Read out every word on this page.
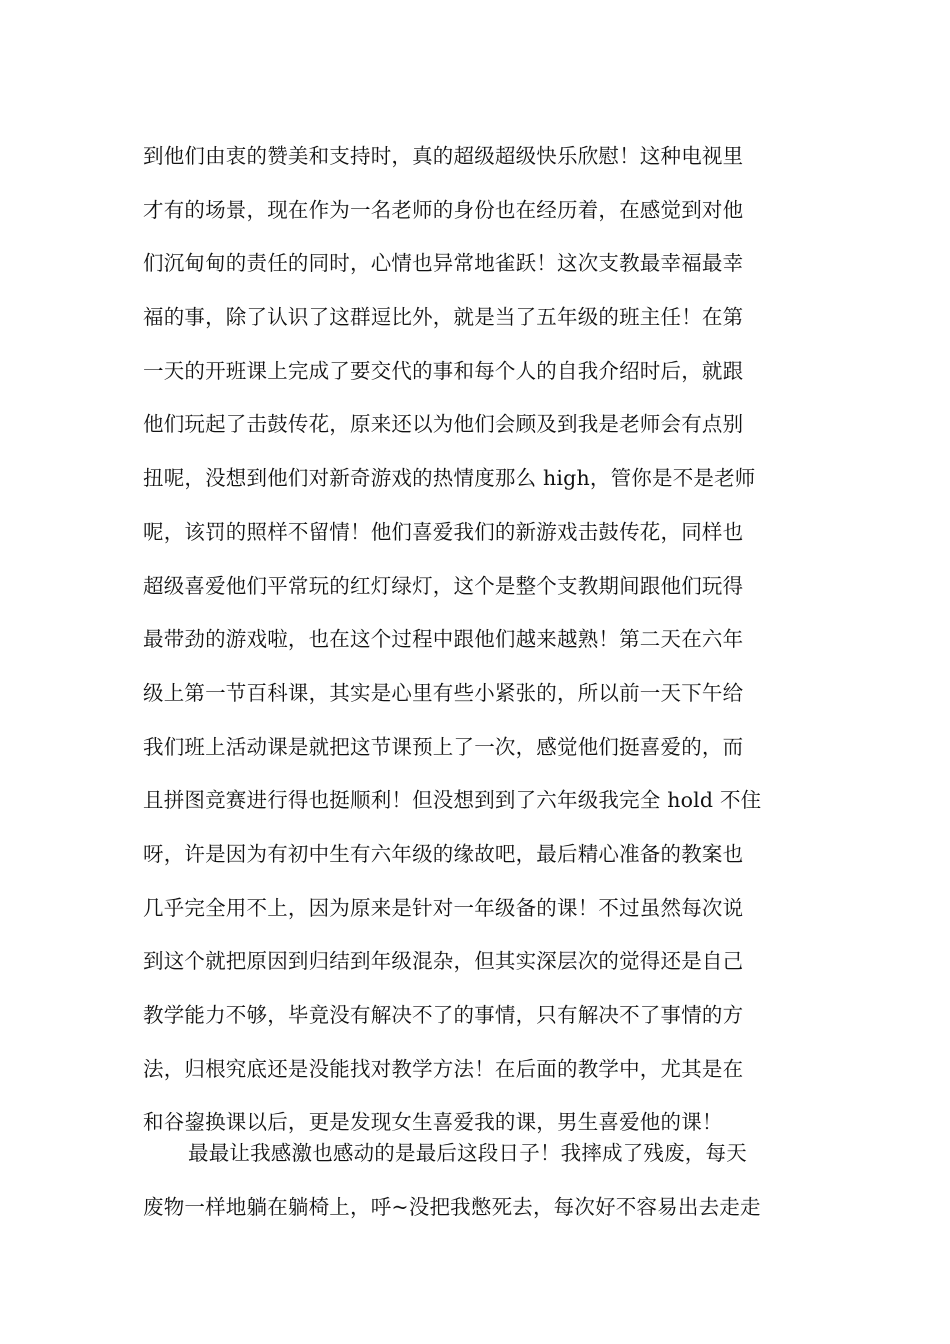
到他们由衷的赞美和支持时，真的超级超级快乐欣慰！这种电视里
才有的场景，现在作为一名老师的身份也在经历着，在感觉到对他
们沉甸甸的责任的同时，心情也异常地雀跃！这次支教最幸福最幸
福的事，除了认识了这群逗比外，就是当了五年级的班主任！在第
一天的开班课上完成了要交代的事和每个人的自我介绍时后，就跟
他们玩起了击鼓传花，原来还以为他们会顾及到我是老师会有点别
扭呢，没想到他们对新奇游戏的热情度那么 high，管你是不是老师
呢，该罚的照样不留情！他们喜爱我们的新游戏击鼓传花，同样也
超级喜爱他们平常玩的红灯绿灯，这个是整个支教期间跟他们玩得
最带劲的游戏啦，也在这个过程中跟他们越来越熟！第二天在六年
级上第一节百科课，其实是心里有些小紧张的，所以前一天下午给
我们班上活动课是就把这节课预上了一次，感觉他们挺喜爱的，而
且拼图竞赛进行得也挺顺利！但没想到到了六年级我完全 hold 不住
呀，许是因为有初中生有六年级的缘故吧，最后精心准备的教案也
几乎完全用不上，因为原来是针对一年级备的课！不过虽然每次说
到这个就把原因到归结到年级混杂，但其实深层次的觉得还是自己
教学能力不够，毕竟没有解决不了的事情，只有解决不了事情的方
法，归根究底还是没能找对教学方法！在后面的教学中，尤其是在
和谷鋆换课以后，更是发现女生喜爱我的课，男生喜爱他的课！
最最让我感激也感动的是最后这段日子！我摔成了残废，每天
废物一样地躺在躺椅上，呼~没把我憋死去，每次好不容易出去走走
